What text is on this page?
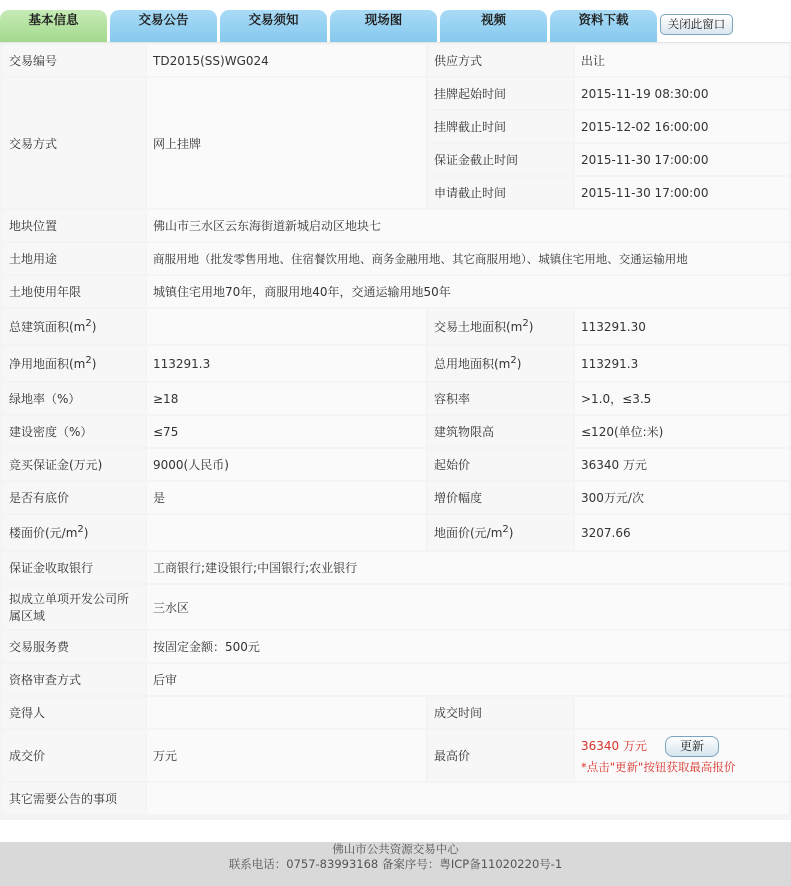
基本信息	交易公告	交易须知	现场图	视频	资料下载	关闭此窗口
交易编号	TD2015(SS)WG024	供应方式	出让
交易方式	网上挂牌	挂牌起始时间	2015-11-19 08:30:00
		挂牌截止时间	2015-12-02 16:00:00
		保证金截止时间	2015-11-30 17:00:00
		申请截止时间	2015-11-30 17:00:00
地块位置	佛山市三水区云东海街道新城启动区地块七		
土地用途	商服用地（批发零售用地、住宿餐饮用地、商务金融用地、其它商服用地）、城镇住宅用地、交通运输用地		
土地使用年限	城镇住宅用地70年，商服用地40年，交通运输用地50年		
总建筑面积$(m^2)$		交易土地面积$(m^2)$	113291.30
净用地面积$(m^2)$	113291.3	总用地面积$(m^2)$	113291.3
绿地率（%）	≥18	容积率	>1.0，≤3.5
建设密度（%）	≤75	建筑物限高	≤120(单位:米)
竞买保证金(万元)	9000(人民币)	起始价	36340 万元
是否有底价	是	增价幅度	300万元/次
楼面价(元$/m^2$)		地面价(元$/m^2$)	3207.66
保证金收取银行	工商银行;建设银行;中国银行;农业银行		
拟成立单项开发公司所属区域	三水区		
交易服务费	按固定金额：500元		
资格审查方式	后审		
竞得人		成交时间	
成交价	万元	最高价	36340 万元 更新
*点击"更新"按钮获取最高报价

其它需要公告的事项			
佛山市公共资源交易中心
联系电话：0757-83993168 备案序号：粤ICP备11020220号-1
